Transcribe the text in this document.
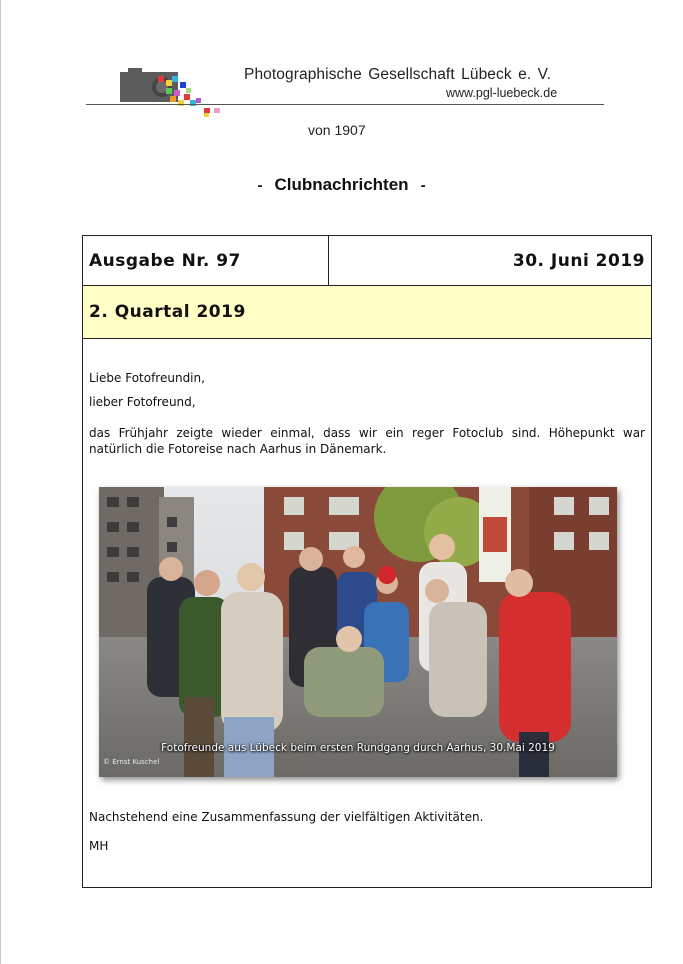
Photographische Gesellschaft Lübeck e. V.
www.pgl-luebeck.de
von 1907
- Clubnachrichten -
Ausgabe Nr. 97	30. Juni 2019
2. Quartal 2019
Liebe Fotofreundin,
lieber Fotofreund,
das Frühjahr zeigte wieder einmal, dass wir ein reger Fotoclub sind. Höhepunkt war natürlich die Fotoreise nach Aarhus in Dänemark.
Fotofreunde aus Lübeck beim ersten Rundgang durch Aarhus, 30.Mai 2019
© Ernst Kuschel
Nachstehend eine Zusammenfassung der vielfältigen Aktivitäten.
MH
